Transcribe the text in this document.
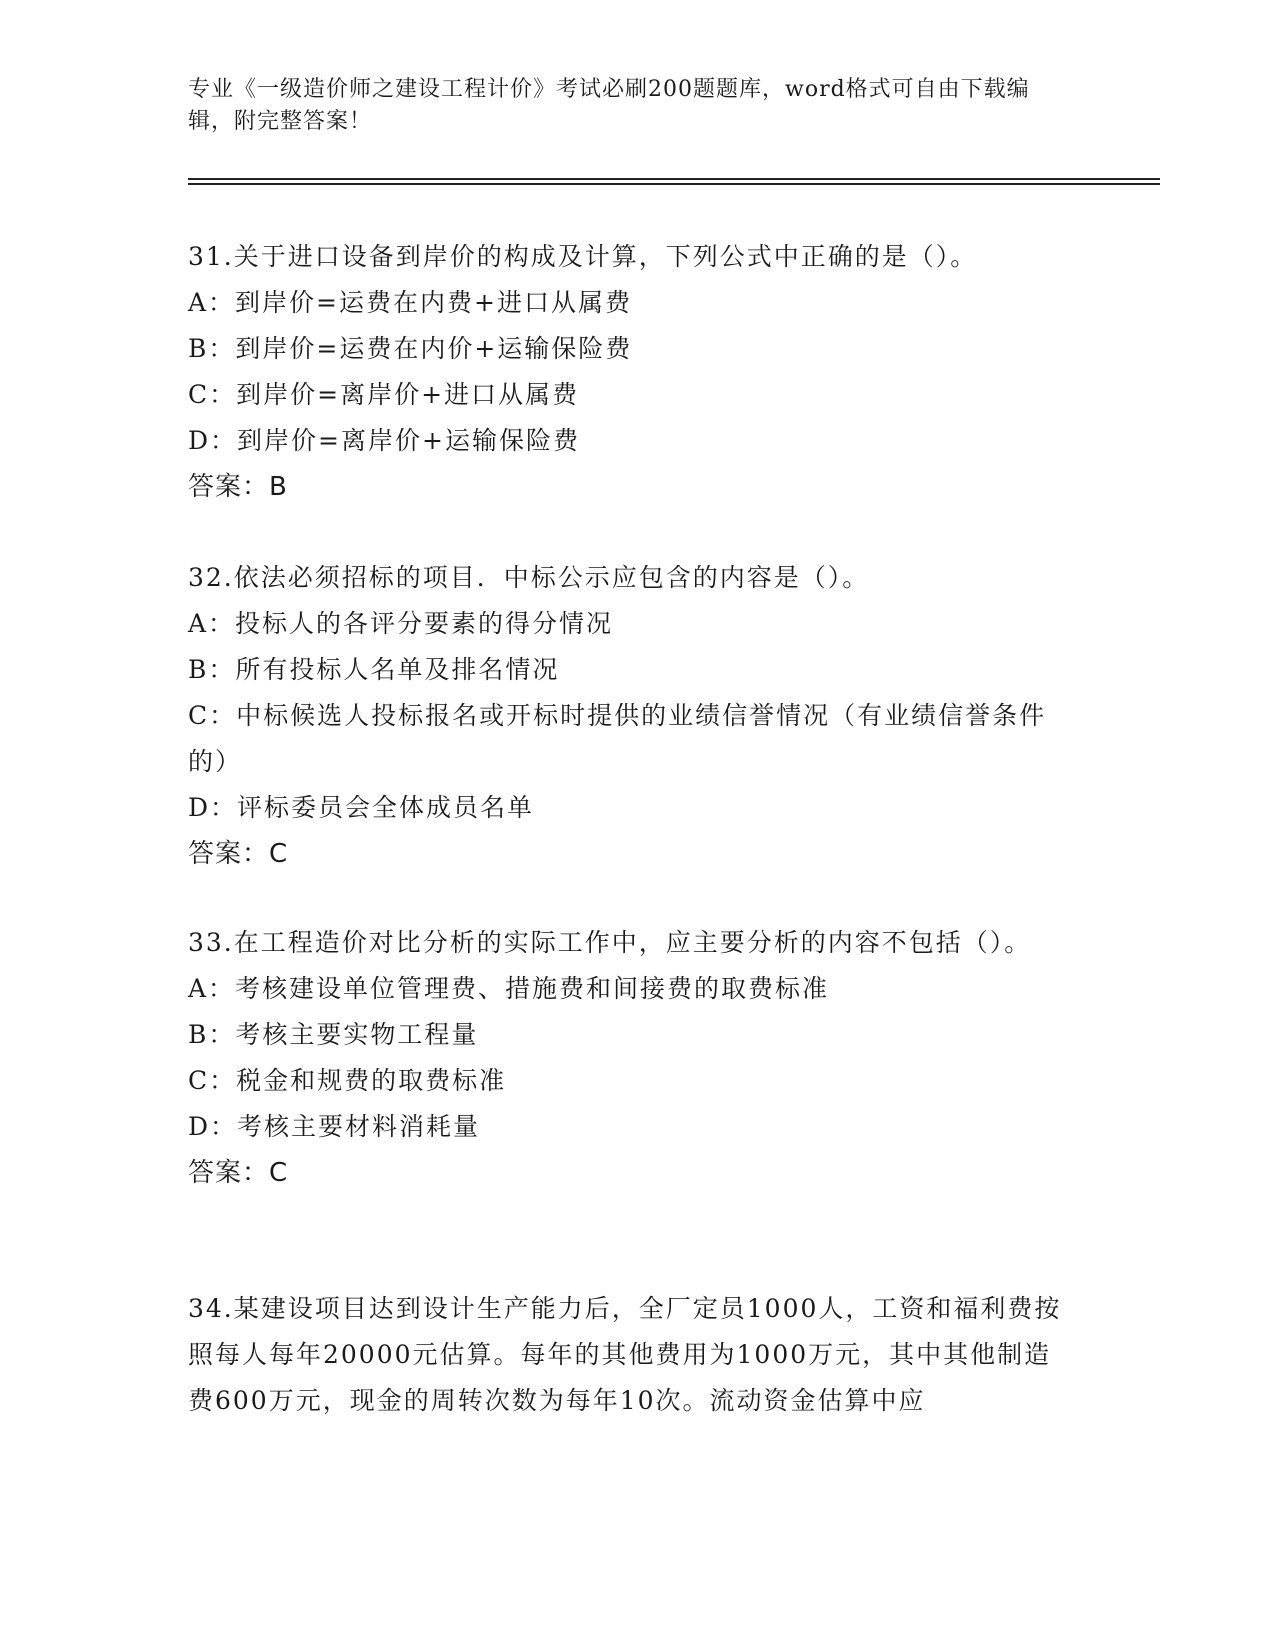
专业《一级造价师之建设工程计价》考试必刷200题题库，word格式可自由下载编辑，附完整答案！
31.关于进口设备到岸价的构成及计算，下列公式中正确的是（）。
A：到岸价=运费在内费+进口从属费
B：到岸价=运费在内价+运输保险费
C：到岸价=离岸价+进口从属费
D：到岸价=离岸价+运输保险费
答案：B
32.依法必须招标的项目．中标公示应包含的内容是（）。
A：投标人的各评分要素的得分情况
B：所有投标人名单及排名情况
C：中标候选人投标报名或开标时提供的业绩信誉情况（有业绩信誉条件的）
D：评标委员会全体成员名单
答案：C
33.在工程造价对比分析的实际工作中，应主要分析的内容不包括（）。
A：考核建设单位管理费、措施费和间接费的取费标准
B：考核主要实物工程量
C：税金和规费的取费标准
D：考核主要材料消耗量
答案：C
34.某建设项目达到设计生产能力后，全厂定员1000人，工资和福利费按照每人每年20000元估算。每年的其他费用为1000万元，其中其他制造费600万元，现金的周转次数为每年10次。流动资金估算中应
